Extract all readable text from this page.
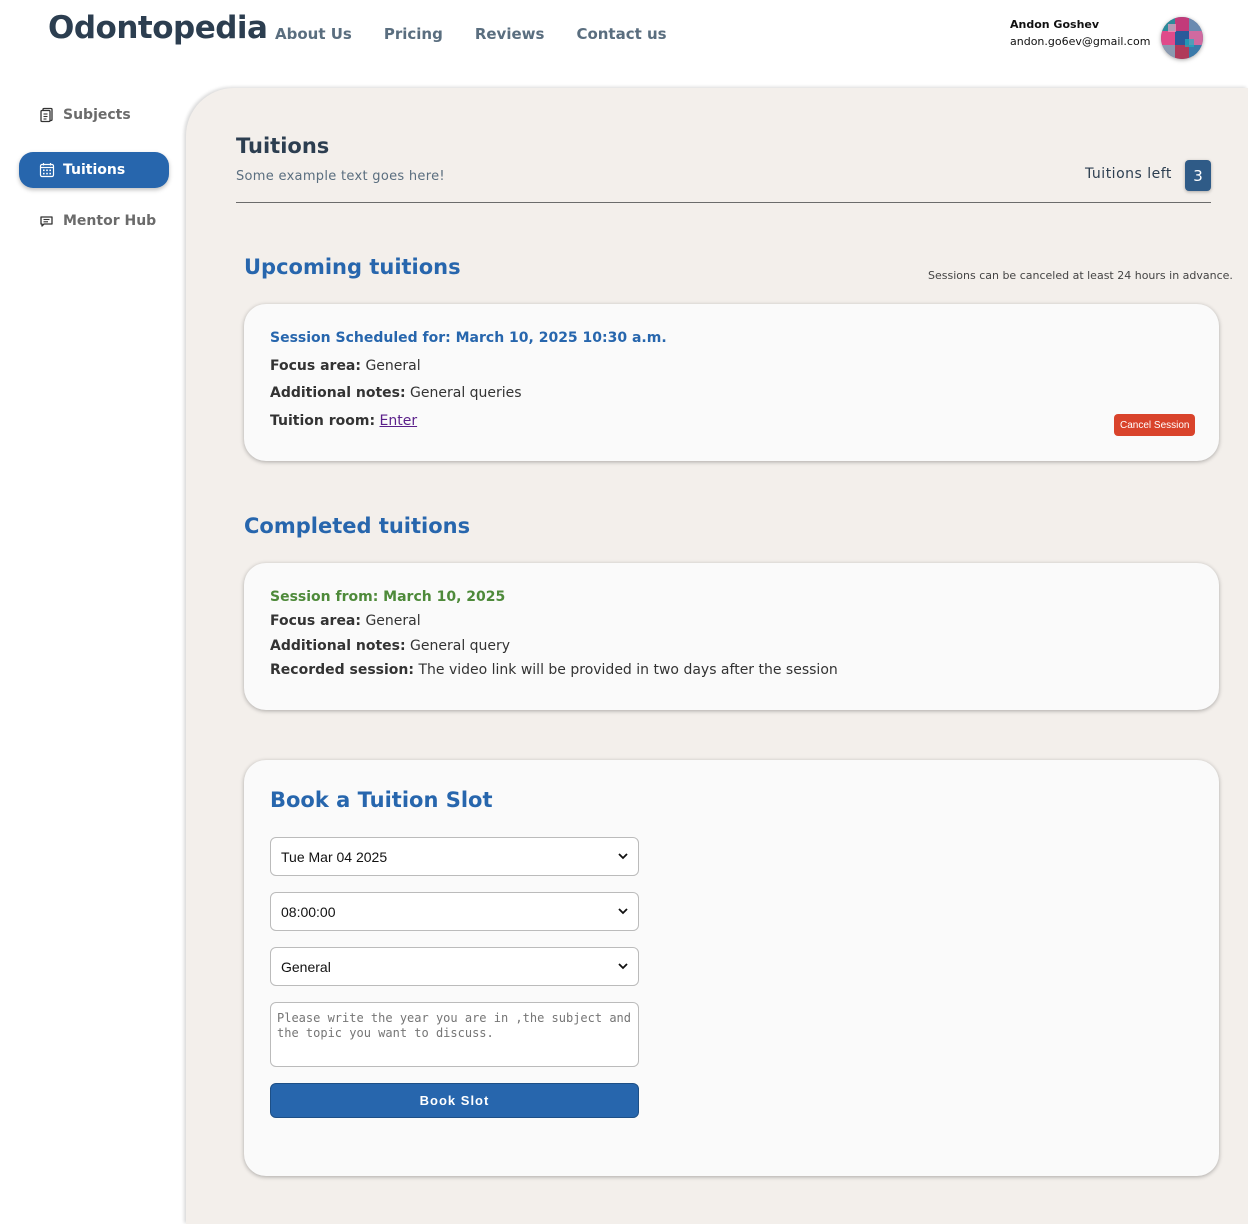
Odontopedia About Us Pricing Reviews Contact us
Andon Goshev
andon.go6ev@gmail.com
Subjects
Tuitions
Mentor Hub
Tuitions
Some example text goes here!	Tuitions left	3
Upcoming tuitions	Sessions can be canceled at least 24 hours in advance.
Session Scheduled for: March 10, 2025 10:30 a.m.
Focus area: General
Additional notes: General queries
Tuition room: Enter	Cancel Session
Completed tuitions
Session from: March 10, 2025
Focus area: General
Additional notes: General query
Recorded session: The video link will be provided in two days after the session
Book a Tuition Slot
Tue Mar 04 2025
08:00:00
General
Please write the year you are in ,the subject and the topic you want to discuss.
Book Slot
